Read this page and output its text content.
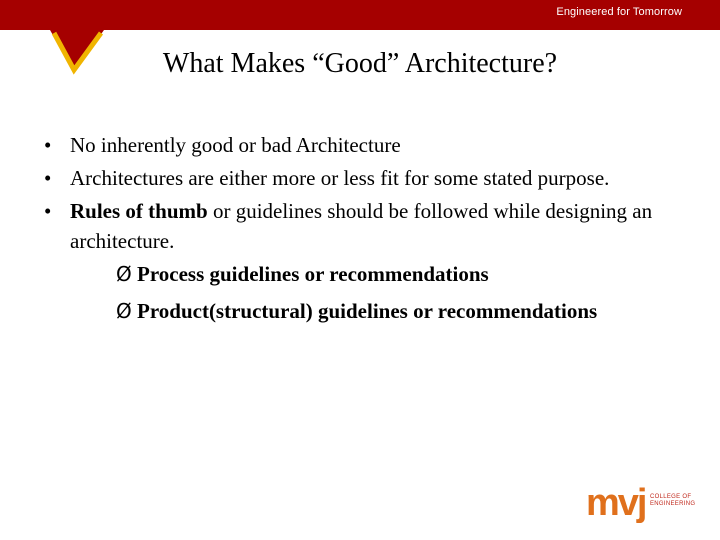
Engineered for Tomorrow
What Makes “Good” Architecture?
• No inherently good or bad Architecture
• Architectures are either more or less fit for some stated purpose.
• Rules of thumb or guidelines should be followed while designing an architecture.
Ø Process guidelines or recommendations
Ø Product(structural) guidelines or recommendations
mvj COLLEGE OF
ENGINEERING
